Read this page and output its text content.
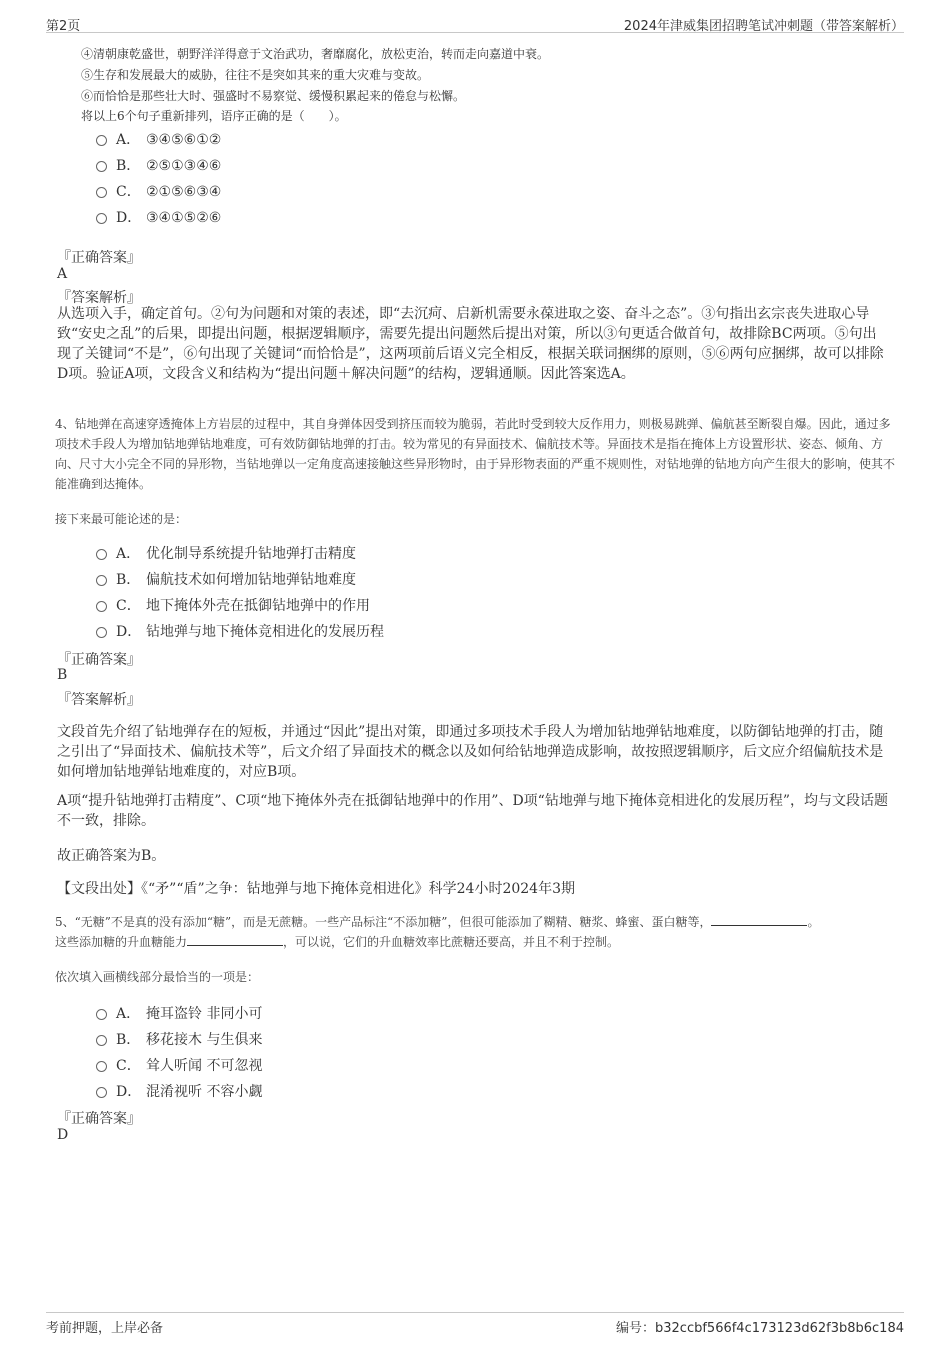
第2页	2024年津威集团招聘笔试冲刺题（带答案解析）
④清朝康乾盛世，朝野洋洋得意于文治武功，奢靡腐化，放松吏治，转而走向嘉道中衰。
⑤生存和发展最大的威胁，往往不是突如其来的重大灾难与变故。
⑥而恰恰是那些壮大时、强盛时不易察觉、缓慢积累起来的倦怠与松懈。
将以上6个句子重新排列，语序正确的是（　　）。
A． ③④⑤⑥①②
B． ②⑤①③④⑥
C． ②①⑤⑥③④
D． ③④①⑤②⑥
『正确答案』
A
『答案解析』
从选项入手，确定首句。②句为问题和对策的表述，即“去沉疴、启新机需要永葆进取之姿、奋斗之态”。③句指出玄宗丧失进取心导致“安史之乱”的后果，即提出问题，根据逻辑顺序，需要先提出问题然后提出对策，所以③句更适合做首句，故排除BC两项。⑤句出现了关键词“不是”，⑥句出现了关键词“而恰恰是”，这两项前后语义完全相反，根据关联词捆绑的原则，⑤⑥两句应捆绑，故可以排除D项。验证A项，文段含义和结构为“提出问题＋解决问题”的结构，逻辑通顺。因此答案选A。
4、钻地弹在高速穿透掩体上方岩层的过程中，其自身弹体因受到挤压而较为脆弱，若此时受到较大反作用力，则极易跳弹、偏航甚至断裂自爆。因此，通过多项技术手段人为增加钻地弹钻地难度，可有效防御钻地弹的打击。较为常见的有异面技术、偏航技术等。异面技术是指在掩体上方设置形状、姿态、倾角、方向、尺寸大小完全不同的异形物，当钻地弹以一定角度高速接触这些异形物时，由于异形物表面的严重不规则性，对钻地弹的钻地方向产生很大的影响，使其不能准确到达掩体。
接下来最可能论述的是：
A． 优化制导系统提升钻地弹打击精度
B． 偏航技术如何增加钻地弹钻地难度
C． 地下掩体外壳在抵御钻地弹中的作用
D． 钻地弹与地下掩体竞相进化的发展历程
『正确答案』
B
『答案解析』
文段首先介绍了钻地弹存在的短板，并通过“因此”提出对策，即通过多项技术手段人为增加钻地弹钻地难度，以防御钻地弹的打击，随之引出了“异面技术、偏航技术等”，后文介绍了异面技术的概念以及如何给钻地弹造成影响，故按照逻辑顺序，后文应介绍偏航技术是如何增加钻地弹钻地难度的，对应B项。
A项“提升钻地弹打击精度”、C项“地下掩体外壳在抵御钻地弹中的作用”、D项“钻地弹与地下掩体竞相进化的发展历程”，均与文段话题不一致，排除。
故正确答案为B。
【文段出处】《“矛”“盾”之争：钻地弹与地下掩体竞相进化》科学24小时2024年3期
5、“无糖”不是真的没有添加“糖”，而是无蔗糖。一些产品标注“不添加糖”，但很可能添加了糊精、糖浆、蜂蜜、蛋白糖等，	。
这些添加糖的升血糖能力	，可以说，它们的升血糖效率比蔗糖还要高，并且不利于控制。
依次填入画横线部分最恰当的一项是：
A． 掩耳盗铃 非同小可
B． 移花接木 与生俱来
C． 耸人听闻 不可忽视
D． 混淆视听 不容小觑
『正确答案』
D
考前押题，上岸必备	编号：b32ccbf566f4c173123d62f3b8b6c184
